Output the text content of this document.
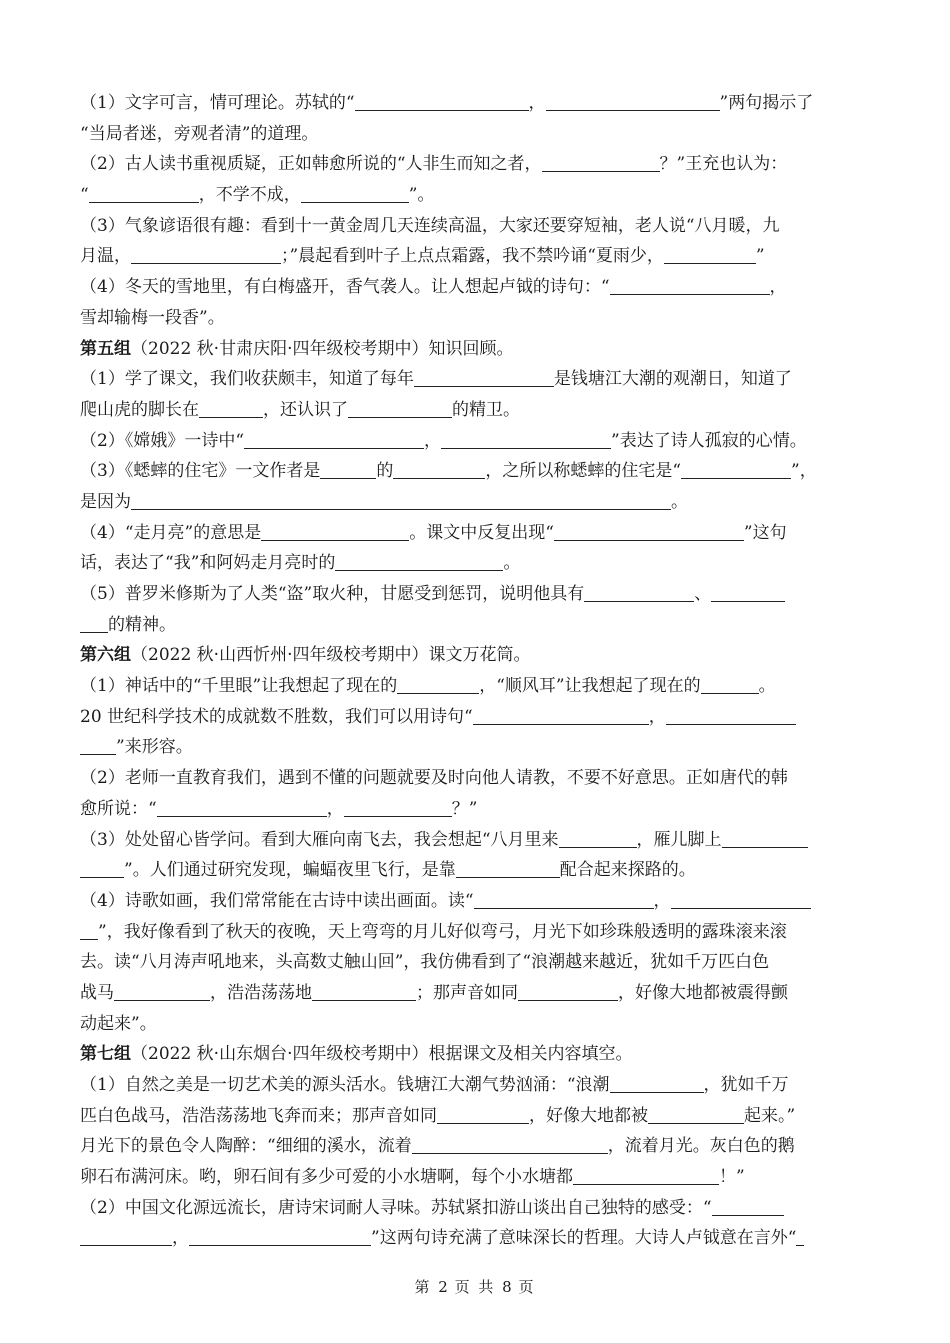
（1）文字可言，情可理论。苏轼的“	，	”两句揭示了
“当局者迷，旁观者清”的道理。
（2）古人读书重视质疑，正如韩愈所说的“人非生而知之者，	？”王充也认为：
“	，不学不成，	”。
（3）气象谚语很有趣：看到十一黄金周几天连续高温，大家还要穿短袖，老人说“八月暖，九
月温，	；”晨起看到叶子上点点霜露，我不禁吟诵“夏雨少，	”
（4）冬天的雪地里，有白梅盛开，香气袭人。让人想起卢钺的诗句：“	，
雪却输梅一段香”。
第五组（2022 秋·甘肃庆阳·四年级校考期中）知识回顾。
（1）学了课文，我们收获颇丰，知道了每年	是钱塘江大潮的观潮日，知道了
爬山虎的脚长在	，还认识了	的精卫。
（2）《嫦娥》一诗中“	，	”表达了诗人孤寂的心情。
（3）《蟋蟀的住宅》一文作者是	的	，之所以称蟋蟀的住宅是“	”，
是因为	。
（4）“走月亮”的意思是	。课文中反复出现“	”这句
话，表达了“我”和阿妈走月亮时的	。
（5）普罗米修斯为了人类“盗”取火种，甘愿受到惩罚，说明他具有	、
的精神。
第六组（2022 秋·山西忻州·四年级校考期中）课文万花筒。
（1）神话中的“千里眼”让我想起了现在的	，“顺风耳”让我想起了现在的	。
20 世纪科学技术的成就数不胜数，我们可以用诗句“	，
”来形容。
（2）老师一直教育我们，遇到不懂的问题就要及时向他人请教，不要不好意思。正如唐代的韩
愈所说：“	，	？”
（3）处处留心皆学问。看到大雁向南飞去，我会想起“八月里来	，雁儿脚上
”。人们通过研究发现，蝙蝠夜里飞行，是靠	配合起来探路的。
（4）诗歌如画，我们常常能在古诗中读出画面。读“	，
”，我好像看到了秋天的夜晚，天上弯弯的月儿好似弯弓，月光下如珍珠般透明的露珠滚来滚
去。读“八月涛声吼地来，头高数丈触山回”，我仿佛看到了“浪潮越来越近，犹如千万匹白色
战马	，浩浩荡荡地	；那声音如同	，好像大地都被震得颤
动起来”。
第七组（2022 秋·山东烟台·四年级校考期中）根据课文及相关内容填空。
（1）自然之美是一切艺术美的源头活水。钱塘江大潮气势汹涌：“浪潮	，犹如千万
匹白色战马，浩浩荡荡地飞奔而来；那声音如同	，好像大地都被	起来。”
月光下的景色令人陶醉：“细细的溪水，流着	，流着月光。灰白色的鹅
卵石布满河床。哟，卵石间有多少可爱的小水塘啊，每个小水塘都	！”
（2）中国文化源远流长，唐诗宋词耐人寻味。苏轼紧扣游山谈出自己独特的感受：“
，	”这两句诗充满了意味深长的哲理。大诗人卢钺意在言外“
第 2 页 共 8 页
